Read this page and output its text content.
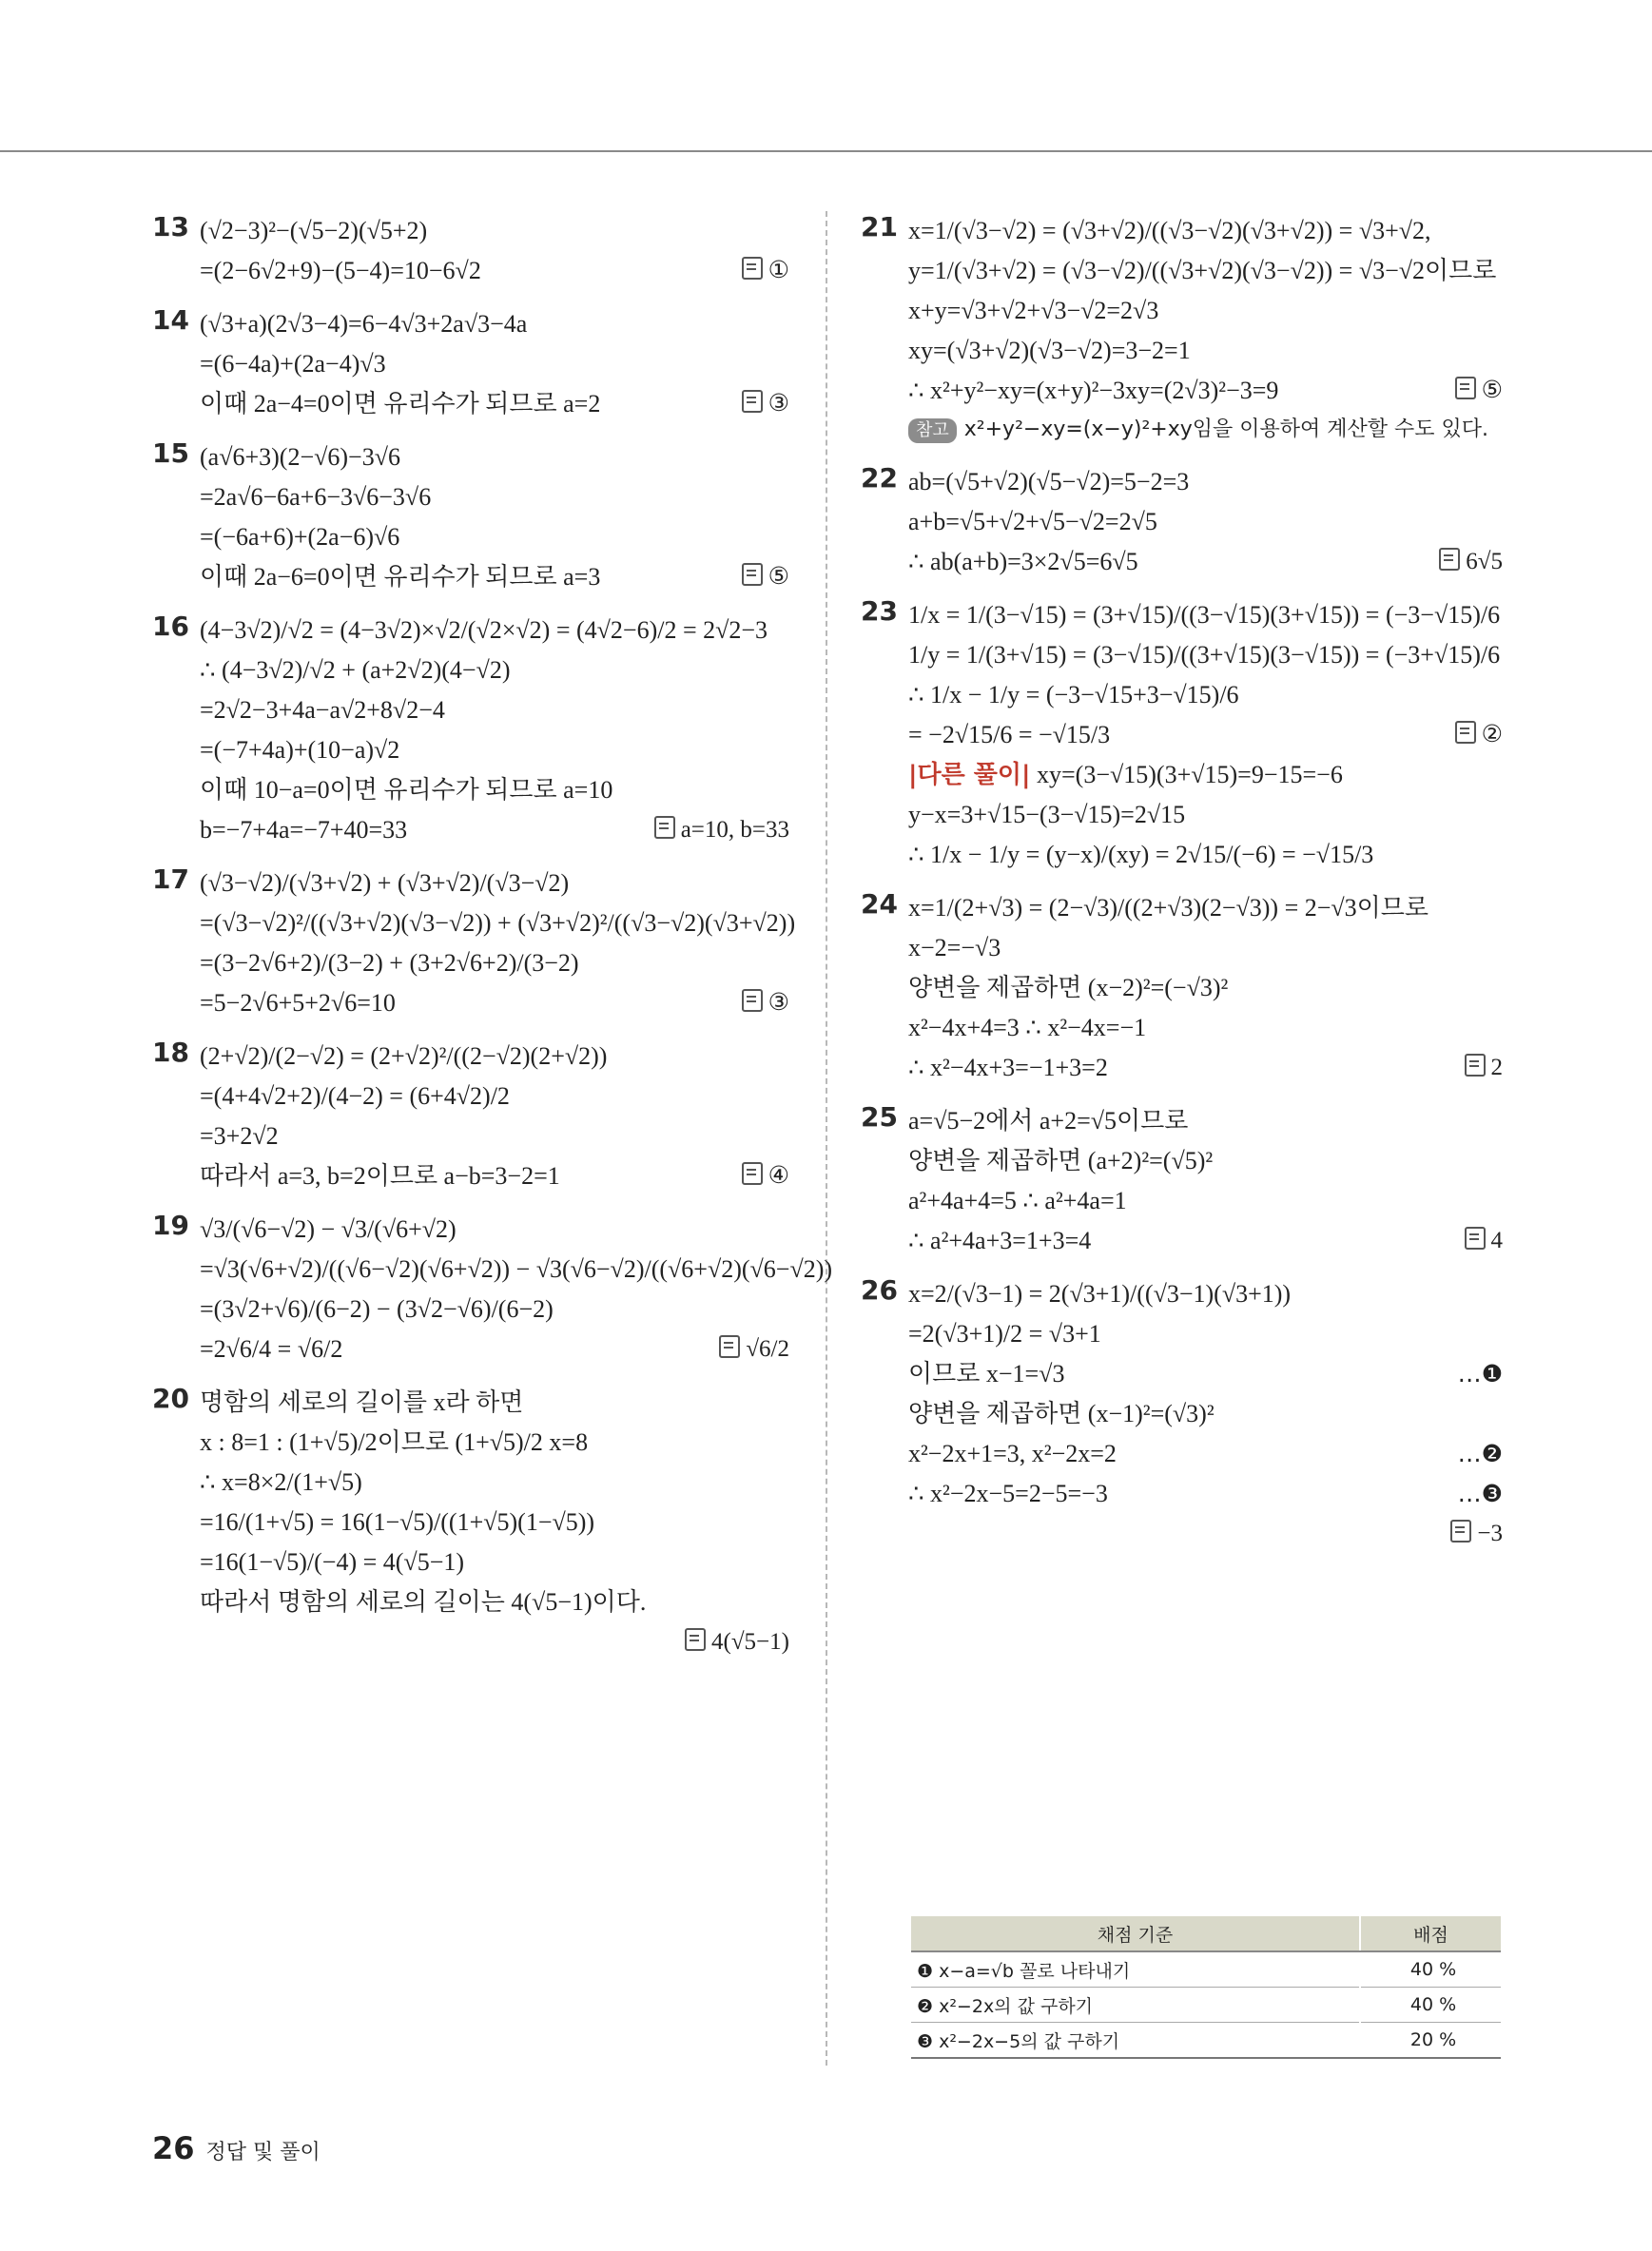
13 (√2−3)²−(√5−2)(√5+2)
=(2−6√2+9)−(5−4)=10−6√2	①
14 (√3+a)(2√3−4)=6−4√3+2a√3−4a
=(6−4a)+(2a−4)√3
이때 2a−4=0이면 유리수가 되므로 a=2	③
15 (a√6+3)(2−√6)−3√6
=2a√6−6a+6−3√6−3√6
=(−6a+6)+(2a−6)√6
이때 2a−6=0이면 유리수가 되므로 a=3	⑤
16 (4−3√2)/√2 = (4−3√2)×√2/(√2×√2) = (4√2−6)/2 = 2√2−3
∴ (4−3√2)/√2 + (a+2√2)(4−√2)
=2√2−3+4a−a√2+8√2−4
=(−7+4a)+(10−a)√2
이때 10−a=0이면 유리수가 되므로 a=10
b=−7+4a=−7+40=33	a=10, b=33
17 (√3−√2)/(√3+√2) + (√3+√2)/(√3−√2)
=(√3−√2)²/((√3+√2)(√3−√2)) + (√3+√2)²/((√3−√2)(√3+√2))
=(3−2√6+2)/(3−2) + (3+2√6+2)/(3−2)
=5−2√6+5+2√6=10	③
18 (2+√2)/(2−√2) = (2+√2)²/((2−√2)(2+√2))
=(4+4√2+2)/(4−2) = (6+4√2)/2
=3+2√2
따라서 a=3, b=2이므로 a−b=3−2=1	④
19 √3/(√6−√2) − √3/(√6+√2)
=√3(√6+√2)/((√6−√2)(√6+√2)) − √3(√6−√2)/((√6+√2)(√6−√2))
=(3√2+√6)/(6−2) − (3√2−√6)/(6−2)
=2√6/4 = √6/2	√6/2
20 명함의 세로의 길이를 x라 하면
x : 8=1 : (1+√5)/2이므로 (1+√5)/2 x=8
∴ x=8×2/(1+√5)
=16/(1+√5) = 16(1−√5)/((1+√5)(1−√5))
=16(1−√5)/(−4) = 4(√5−1)
따라서 명함의 세로의 길이는 4(√5−1)이다.
4(√5−1)
21 x=1/(√3−√2) = (√3+√2)/((√3−√2)(√3+√2)) = √3+√2,
y=1/(√3+√2) = (√3−√2)/((√3+√2)(√3−√2)) = √3−√2이므로
x+y=√3+√2+√3−√2=2√3
xy=(√3+√2)(√3−√2)=3−2=1
∴ x²+y²−xy=(x+y)²−3xy=(2√3)²−3=9	⑤
참고 x²+y²−xy=(x−y)²+xy임을 이용하여 계산할 수도 있다.
22 ab=(√5+√2)(√5−√2)=5−2=3
a+b=√5+√2+√5−√2=2√5
∴ ab(a+b)=3×2√5=6√5	6√5
23 1/x = 1/(3−√15) = (3+√15)/((3−√15)(3+√15)) = (−3−√15)/6
1/y = 1/(3+√15) = (3−√15)/((3+√15)(3−√15)) = (−3+√15)/6
∴ 1/x − 1/y = (−3−√15+3−√15)/6
= −2√15/6 = −√15/3	②
|다른 풀이| xy=(3−√15)(3+√15)=9−15=−6
y−x=3+√15−(3−√15)=2√15
∴ 1/x − 1/y = (y−x)/(xy) = 2√15/(−6) = −√15/3
24 x=1/(2+√3) = (2−√3)/((2+√3)(2−√3)) = 2−√3이므로
x−2=−√3
양변을 제곱하면 (x−2)²=(−√3)²
x²−4x+4=3 ∴ x²−4x=−1
∴ x²−4x+3=−1+3=2	2
25 a=√5−2에서 a+2=√5이므로
양변을 제곱하면 (a+2)²=(√5)²
a²+4a+4=5 ∴ a²+4a=1
∴ a²+4a+3=1+3=4	4
26 x=2/(√3−1) = 2(√3+1)/((√3−1)(√3+1))
=2(√3+1)/2 = √3+1
이므로 x−1=√3	…❶
양변을 제곱하면 (x−1)²=(√3)²
x²−2x+1=3, x²−2x=2	…❷
∴ x²−2x−5=2−5=−3	…❸
−3
채점 기준	배점
❶ x−a=√b 꼴로 나타내기	40 %
❷ x²−2x의 값 구하기	40 %
❸ x²−2x−5의 값 구하기	20 %
26 정답 및 풀이
